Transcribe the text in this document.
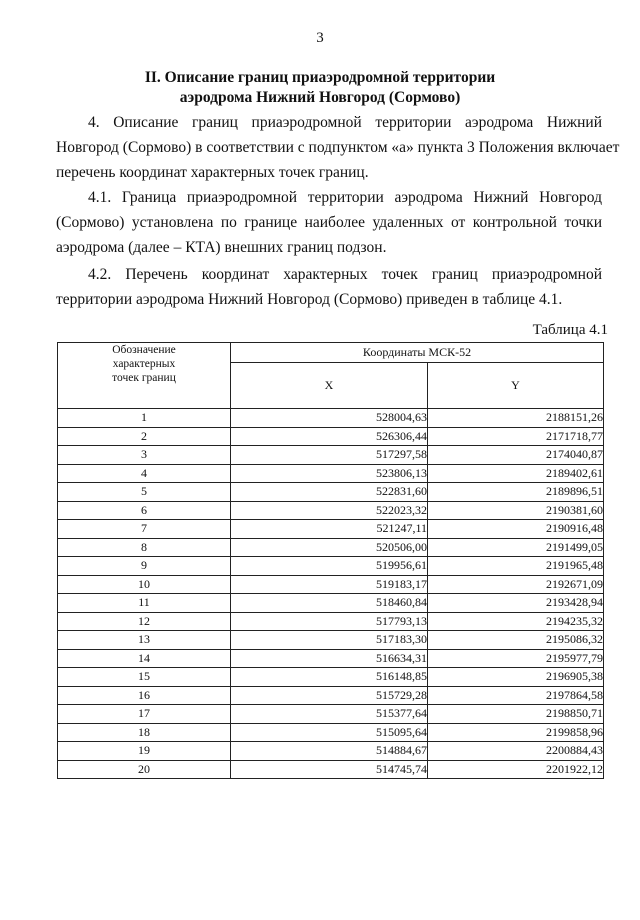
3
II. Описание границ приаэродромной территории
аэродрома Нижний Новгород (Сормово)
4. Описание границ приаэродромной территории аэродрома Нижний
Новгород (Сормово) в соответствии с подпунктом «а» пункта 3 Положения включает
перечень координат характерных точек границ.
4.1. Граница приаэродромной территории аэродрома Нижний Новгород
(Сормово) установлена по границе наиболее удаленных от контрольной точки
аэродрома (далее – КТА) внешних границ подзон.
4.2. Перечень координат характерных точек границ приаэродромной
территории аэродрома Нижний Новгород (Сормово) приведен в таблице 4.1.
Таблица 4.1
Обозначение
характерных
точек границ	Координаты МСК-52	
	X	Y
1	528004,63	2188151,26
2	526306,44	2171718,77
3	517297,58	2174040,87
4	523806,13	2189402,61
5	522831,60	2189896,51
6	522023,32	2190381,60
7	521247,11	2190916,48
8	520506,00	2191499,05
9	519956,61	2191965,48
10	519183,17	2192671,09
11	518460,84	2193428,94
12	517793,13	2194235,32
13	517183,30	2195086,32
14	516634,31	2195977,79
15	516148,85	2196905,38
16	515729,28	2197864,58
17	515377,64	2198850,71
18	515095,64	2199858,96
19	514884,67	2200884,43
20	514745,74	2201922,12
